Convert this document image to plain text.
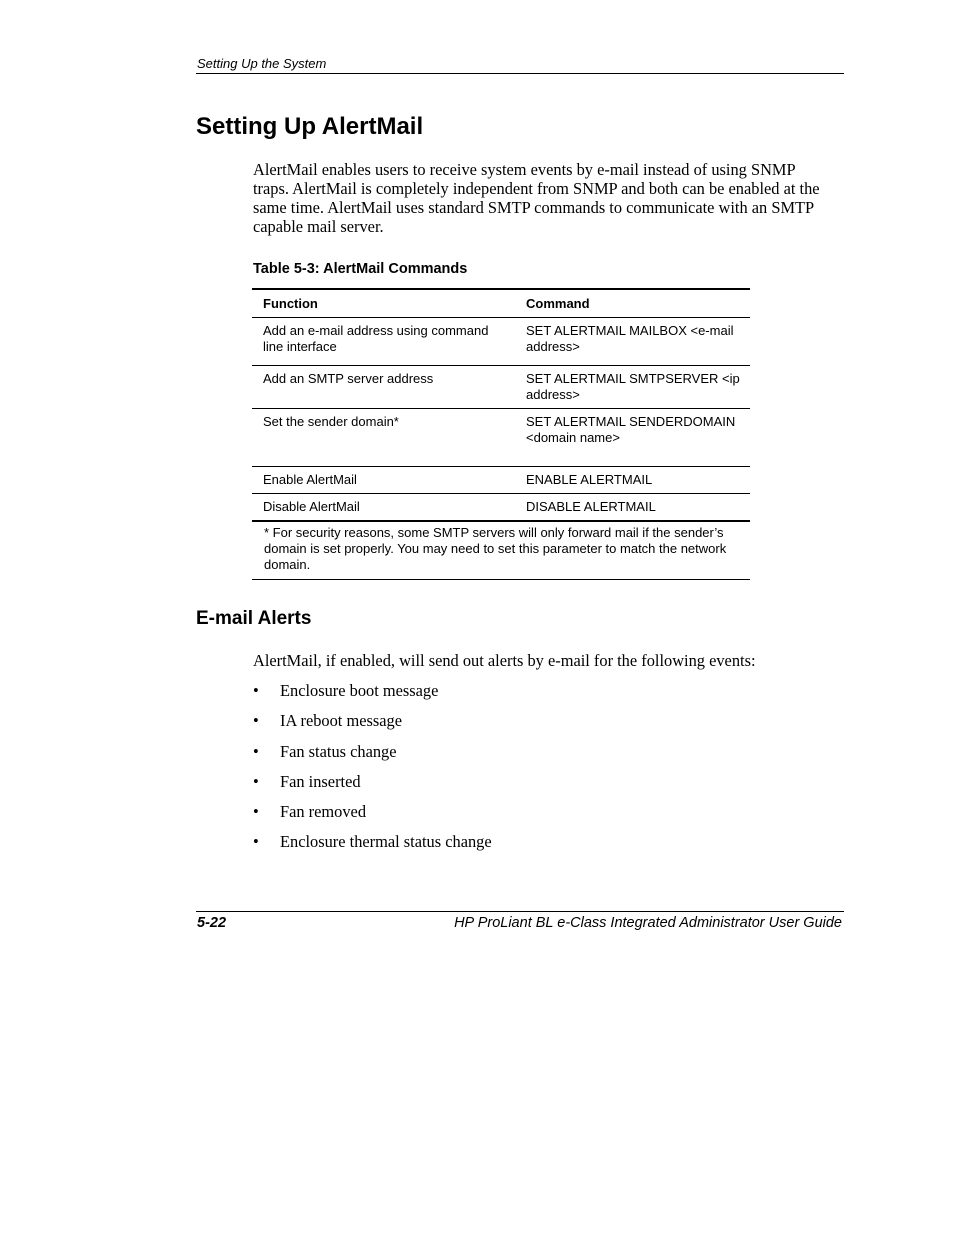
Setting Up the System
Setting Up AlertMail

AlertMail enables users to receive system events by e-mail instead of using SNMP traps. AlertMail is completely independent from SNMP and both can be enabled at the same time. AlertMail uses standard SMTP commands to communicate with an SMTP capable mail server.

Table 5-3: AlertMail Commands
Function	Command
Add an e-mail address using command line interface	SET ALERTMAIL MAILBOX <e-mail address>
Add an SMTP server address	SET ALERTMAIL SMTPSERVER <ip address>
Set the sender domain*	SET ALERTMAIL SENDERDOMAIN <domain name>
Enable AlertMail	ENABLE ALERTMAIL
Disable AlertMail	DISABLE ALERTMAIL
* For security reasons, some SMTP servers will only forward mail if the sender’s domain is set properly. You may need to set this parameter to match the network domain.
E-mail Alerts

AlertMail, if enabled, will send out alerts by e-mail for the following events:

• Enclosure boot message
• IA reboot message
• Fan status change
• Fan inserted
• Fan removed
• Enclosure thermal status change
5-22	HP ProLiant BL e-Class Integrated Administrator User Guide
